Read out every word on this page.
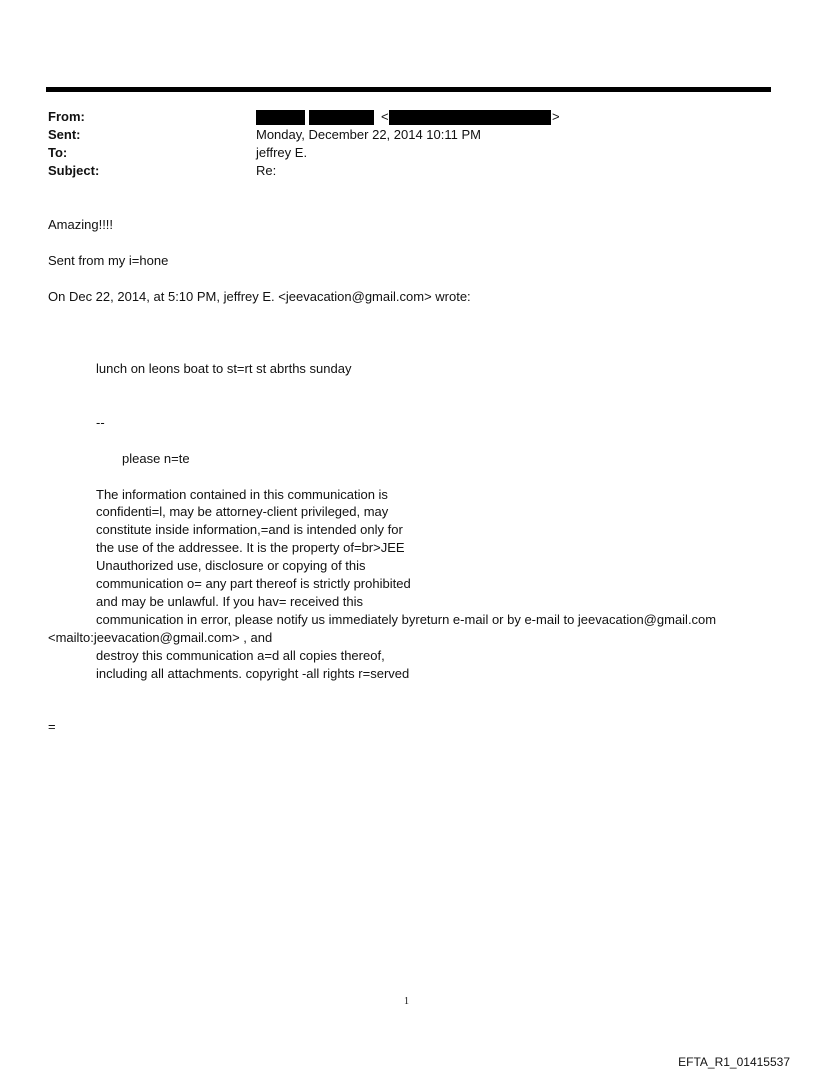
From:	<	>
Sent:	Monday, December 22, 2014 10:11 PM
To:	jeffrey E.
Subject:	Re:
Amazing!!!!
Sent from my i=hone
On Dec 22, 2014, at 5:10 PM, jeffrey E. <jeevacation@gmail.com> wrote:
lunch on leons boat to st=rt st abrths sunday
--
please n=te
The information contained in this communication is
confidenti=l, may be attorney-client privileged, may
constitute inside information,=and is intended only for
the use of the addressee. It is the property of=br>JEE
Unauthorized use, disclosure or copying of this
communication o= any part thereof is strictly prohibited
and may be unlawful. If you hav= received this
communication in error, please notify us immediately byreturn e-mail or by e-mail to jeevacation@gmail.com
<mailto:jeevacation@gmail.com> , and
destroy this communication a=d all copies thereof,
including all attachments. copyright -all rights r=served
=
1
EFTA_R1_01415537
